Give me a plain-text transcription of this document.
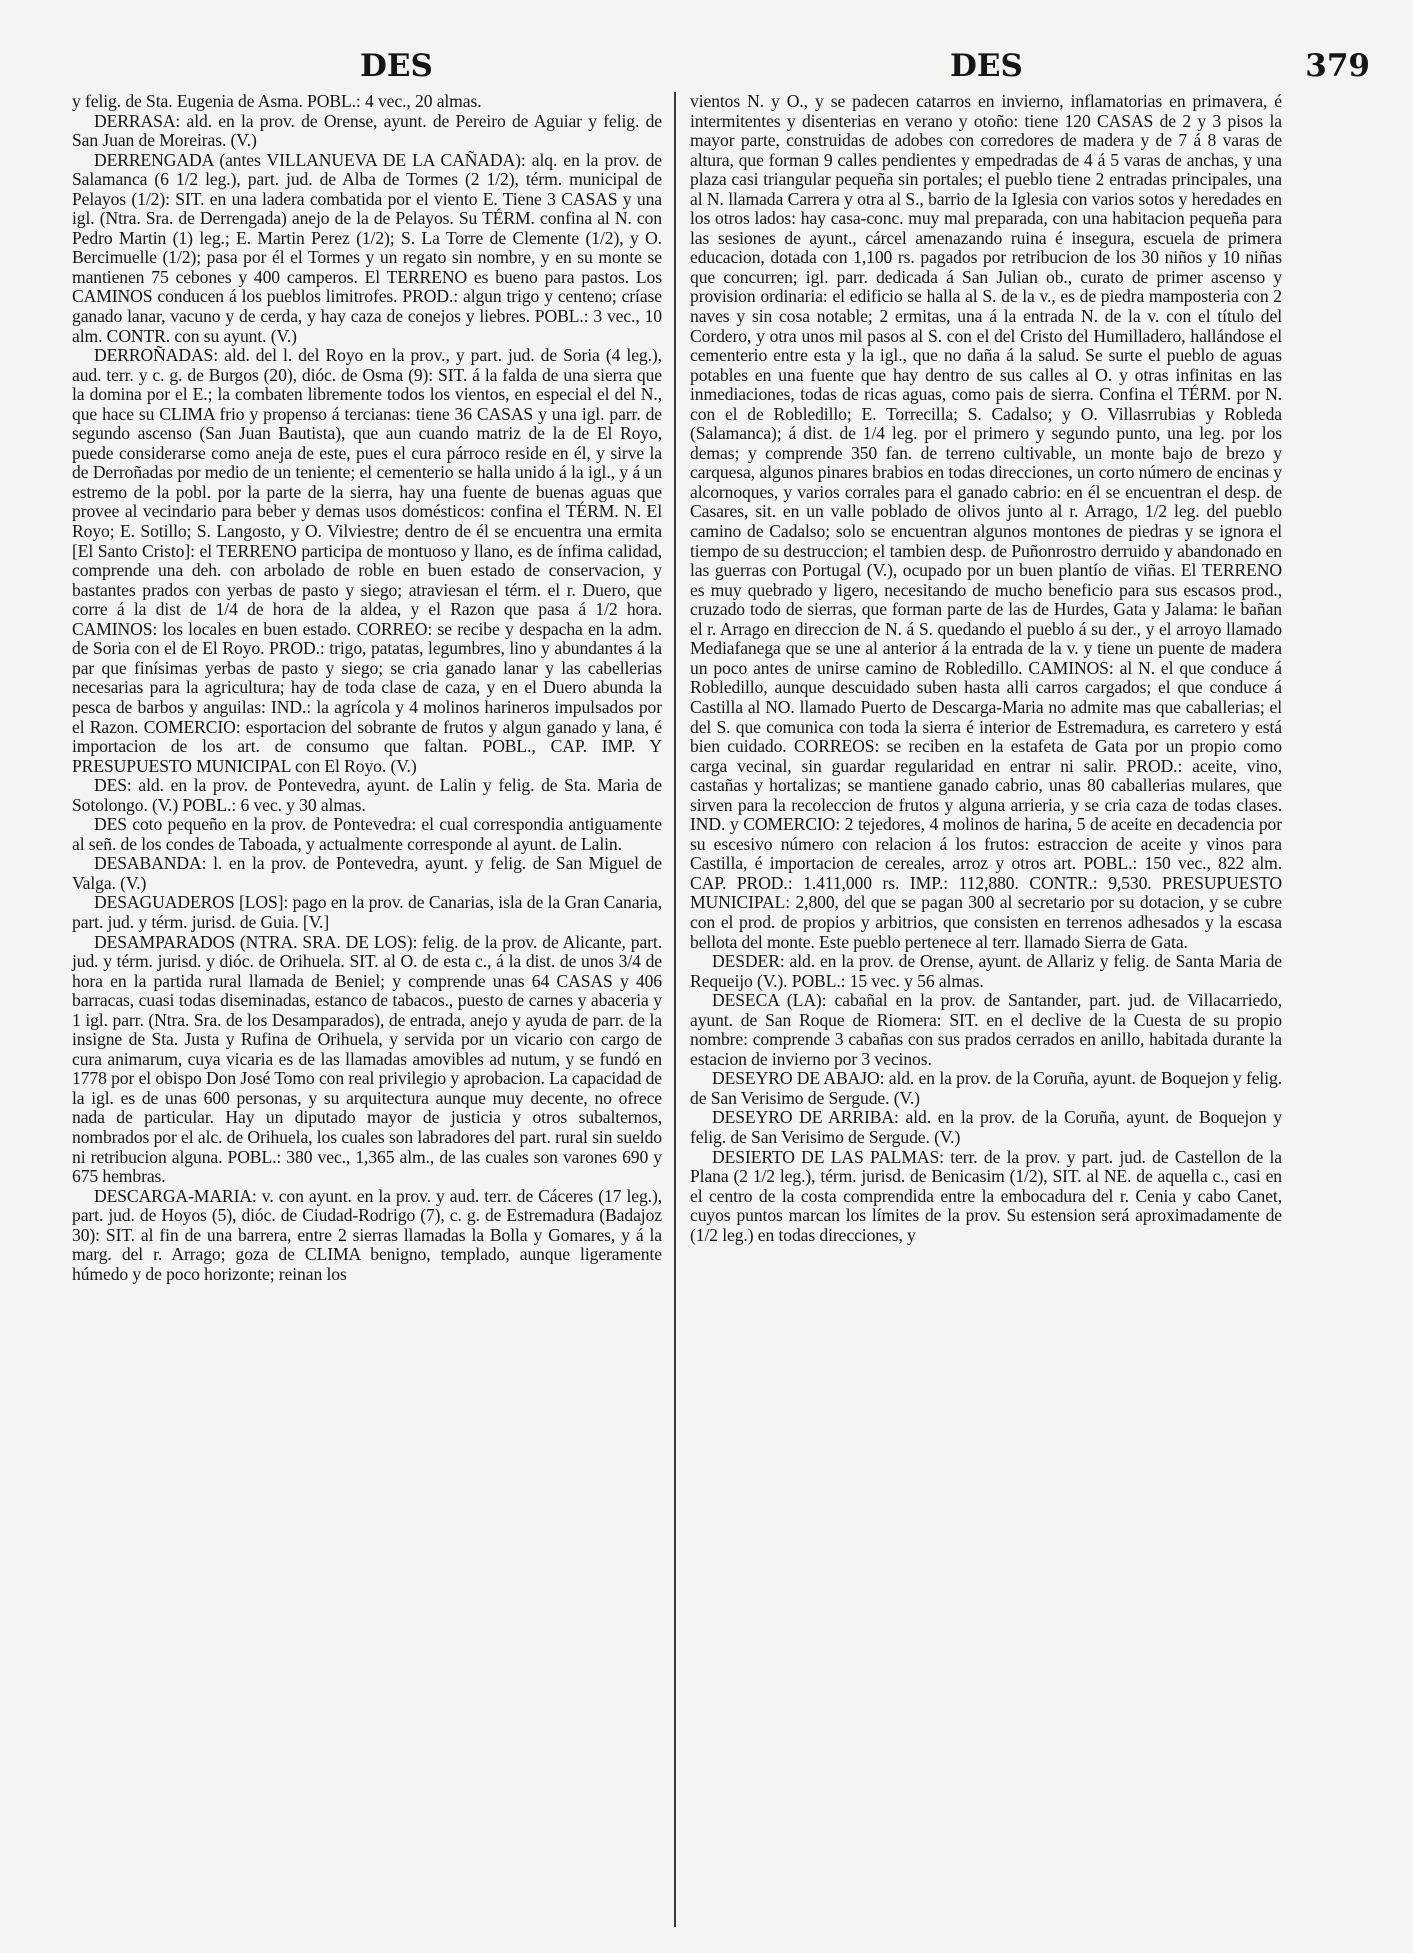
DES	DES	379

y felig. de Sta. Eugenia de Asma. POBL.: 4 vec., 20 almas.

DERRASA: ald. en la prov. de Orense, ayunt. de Pereiro de Aguiar y felig. de San Juan de Moreiras. (V.)

DERRENGADA (antes VILLANUEVA DE LA CAÑADA): alq. en la prov. de Salamanca (6 1/2 leg.), part. jud. de Alba de Tormes (2 1/2), térm. municipal de Pelayos (1/2): SIT. en una ladera combatida por el viento E. Tiene 3 CASAS y una igl. (Ntra. Sra. de Derrengada) anejo de la de Pelayos. Su TÉRM. confina al N. con Pedro Martin (1) leg.; E. Martin Perez (1/2); S. La Torre de Clemente (1/2), y O. Bercimuelle (1/2); pasa por él el Tormes y un regato sin nombre, y en su monte se mantienen 75 cebones y 400 camperos. El TERRENO es bueno para pastos. Los CAMINOS conducen á los pueblos limitrofes. PROD.: algun trigo y centeno; críase ganado lanar, vacuno y de cerda, y hay caza de conejos y liebres. POBL.: 3 vec., 10 alm. CONTR. con su ayunt. (V.)

DERROÑADAS: ald. del l. del Royo en la prov., y part. jud. de Soria (4 leg.), aud. terr. y c. g. de Burgos (20), dióc. de Osma (9): SIT. á la falda de una sierra que la domina por el E.; la combaten libremente todos los vientos, en especial el del N., que hace su CLIMA frio y propenso á tercianas: tiene 36 CASAS y una igl. parr. de segundo ascenso (San Juan Bautista), que aun cuando matriz de la de El Royo, puede considerarse como aneja de este, pues el cura párroco reside en él, y sirve la de Derroñadas por medio de un teniente; el cementerio se halla unido á la igl., y á un estremo de la pobl. por la parte de la sierra, hay una fuente de buenas aguas que provee al vecindario para beber y demas usos domésticos: confina el TÉRM. N. El Royo; E. Sotillo; S. Langosto, y O. Vilviestre; dentro de él se encuentra una ermita [El Santo Cristo]: el TERRENO participa de montuoso y llano, es de ínfima calidad, comprende una deh. con arbolado de roble en buen estado de conservacion, y bastantes prados con yerbas de pasto y siego; atraviesan el térm. el r. Duero, que corre á la dist de 1/4 de hora de la aldea, y el Razon que pasa á 1/2 hora. CAMINOS: los locales en buen estado. CORREO: se recibe y despacha en la adm. de Soria con el de El Royo. PROD.: trigo, patatas, legumbres, lino y abundantes á la par que finísimas yerbas de pasto y siego; se cria ganado lanar y las cabellerias necesarias para la agricultura; hay de toda clase de caza, y en el Duero abunda la pesca de barbos y anguilas: IND.: la agrícola y 4 molinos harineros impulsados por el Razon. COMERCIO: esportacion del sobrante de frutos y algun ganado y lana, é importacion de los art. de consumo que faltan. POBL., CAP. IMP. Y PRESUPUESTO MUNICIPAL con El Royo. (V.)

DES: ald. en la prov. de Pontevedra, ayunt. de Lalin y felig. de Sta. Maria de Sotolongo. (V.) POBL.: 6 vec. y 30 almas.

DES coto pequeño en la prov. de Pontevedra: el cual correspondia antiguamente al señ. de los condes de Taboada, y actualmente corresponde al ayunt. de Lalin.

DESABANDA: l. en la prov. de Pontevedra, ayunt. y felig. de San Miguel de Valga. (V.)

DESAGUADEROS [LOS]: pago en la prov. de Canarias, isla de la Gran Canaria, part. jud. y térm. jurisd. de Guia. [V.]

DESAMPARADOS (NTRA. SRA. DE LOS): felig. de la prov. de Alicante, part. jud. y térm. jurisd. y dióc. de Orihuela. SIT. al O. de esta c., á la dist. de unos 3/4 de hora en la partida rural llamada de Beniel; y comprende unas 64 CASAS y 406 barracas, cuasi todas diseminadas, estanco de tabacos., puesto de carnes y abaceria y 1 igl. parr. (Ntra. Sra. de los Desamparados), de entrada, anejo y ayuda de parr. de la insigne de Sta. Justa y Rufina de Orihuela, y servida por un vicario con cargo de cura animarum, cuya vicaria es de las llamadas amovibles ad nutum, y se fundó en 1778 por el obispo Don José Tomo con real privilegio y aprobacion. La capacidad de la igl. es de unas 600 personas, y su arquitectura aunque muy decente, no ofrece nada de particular. Hay un diputado mayor de justicia y otros subalternos, nombrados por el alc. de Orihuela, los cuales son labradores del part. rural sin sueldo ni retribucion alguna. POBL.: 380 vec., 1,365 alm., de las cuales son varones 690 y 675 hembras.

DESCARGA-MARIA: v. con ayunt. en la prov. y aud. terr. de Cáceres (17 leg.), part. jud. de Hoyos (5), dióc. de Ciudad-Rodrigo (7), c. g. de Estremadura (Badajoz 30): SIT. al fin de una barrera, entre 2 sierras llamadas la Bolla y Gomares, y á la marg. del r. Arrago; goza de CLIMA benigno, templado, aunque ligeramente húmedo y de poco horizonte; reinan los

vientos N. y O., y se padecen catarros en invierno, inflamatorias en primavera, é intermitentes y disenterias en verano y otoño: tiene 120 CASAS de 2 y 3 pisos la mayor parte, construidas de adobes con corredores de madera y de 7 á 8 varas de altura, que forman 9 calles pendientes y empedradas de 4 á 5 varas de anchas, y una plaza casi triangular pequeña sin portales; el pueblo tiene 2 entradas principales, una al N. llamada Carrera y otra al S., barrio de la Iglesia con varios sotos y heredades en los otros lados: hay casa-conc. muy mal preparada, con una habitacion pequeña para las sesiones de ayunt., cárcel amenazando ruina é insegura, escuela de primera educacion, dotada con 1,100 rs. pagados por retribucion de los 30 niños y 10 niñas que concurren; igl. parr. dedicada á San Julian ob., curato de primer ascenso y provision ordinaria: el edificio se halla al S. de la v., es de piedra mamposteria con 2 naves y sin cosa notable; 2 ermitas, una á la entrada N. de la v. con el título del Cordero, y otra unos mil pasos al S. con el del Cristo del Humilladero, hallándose el cementerio entre esta y la igl., que no daña á la salud. Se surte el pueblo de aguas potables en una fuente que hay dentro de sus calles al O. y otras infinitas en las inmediaciones, todas de ricas aguas, como pais de sierra. Confina el TÉRM. por N. con el de Robledillo; E. Torrecilla; S. Cadalso; y O. Villasrrubias y Robleda (Salamanca); á dist. de 1/4 leg. por el primero y segundo punto, una leg. por los demas; y comprende 350 fan. de terreno cultivable, un monte bajo de brezo y carquesa, algunos pinares brabios en todas direcciones, un corto número de encinas y alcornoques, y varios corrales para el ganado cabrio: en él se encuentran el desp. de Casares, sit. en un valle poblado de olivos junto al r. Arrago, 1/2 leg. del pueblo camino de Cadalso; solo se encuentran algunos montones de piedras y se ignora el tiempo de su destruccion; el tambien desp. de Puñonrostro derruido y abandonado en las guerras con Portugal (V.), ocupado por un buen plantío de viñas. El TERRENO es muy quebrado y ligero, necesitando de mucho beneficio para sus escasos prod., cruzado todo de sierras, que forman parte de las de Hurdes, Gata y Jalama: le bañan el r. Arrago en direccion de N. á S. quedando el pueblo á su der., y el arroyo llamado Mediafanega que se une al anterior á la entrada de la v. y tiene un puente de madera un poco antes de unirse camino de Robledillo. CAMINOS: al N. el que conduce á Robledillo, aunque descuidado suben hasta alli carros cargados; el que conduce á Castilla al NO. llamado Puerto de Descarga-Maria no admite mas que caballerias; el del S. que comunica con toda la sierra é interior de Estremadura, es carretero y está bien cuidado. CORREOS: se reciben en la estafeta de Gata por un propio como carga vecinal, sin guardar regularidad en entrar ni salir. PROD.: aceite, vino, castañas y hortalizas; se mantiene ganado cabrio, unas 80 caballerias mulares, que sirven para la recoleccion de frutos y alguna arrieria, y se cria caza de todas clases. IND. y COMERCIO: 2 tejedores, 4 molinos de harina, 5 de aceite en decadencia por su escesivo número con relacion á los frutos: estraccion de aceite y vinos para Castilla, é importacion de cereales, arroz y otros art. POBL.: 150 vec., 822 alm. CAP. PROD.: 1.411,000 rs. IMP.: 112,880. CONTR.: 9,530. PRESUPUESTO MUNICIPAL: 2,800, del que se pagan 300 al secretario por su dotacion, y se cubre con el prod. de propios y arbitrios, que consisten en terrenos adhesados y la escasa bellota del monte. Este pueblo pertenece al terr. llamado Sierra de Gata.

DESDER: ald. en la prov. de Orense, ayunt. de Allariz y felig. de Santa Maria de Requeijo (V.). POBL.: 15 vec. y 56 almas.

DESECA (LA): cabañal en la prov. de Santander, part. jud. de Villacarriedo, ayunt. de San Roque de Riomera: SIT. en el declive de la Cuesta de su propio nombre: comprende 3 cabañas con sus prados cerrados en anillo, habitada durante la estacion de invierno por 3 vecinos.

DESEYRO DE ABAJO: ald. en la prov. de la Coruña, ayunt. de Boquejon y felig. de San Verisimo de Sergude. (V.)

DESEYRO DE ARRIBA: ald. en la prov. de la Coruña, ayunt. de Boquejon y felig. de San Verisimo de Sergude. (V.)

DESIERTO DE LAS PALMAS: terr. de la prov. y part. jud. de Castellon de la Plana (2 1/2 leg.), térm. jurisd. de Benicasim (1/2), SIT. al NE. de aquella c., casi en el centro de la costa comprendida entre la embocadura del r. Cenia y cabo Canet, cuyos puntos marcan los límites de la prov. Su estension será aproximadamente de (1/2 leg.) en todas direcciones, y
